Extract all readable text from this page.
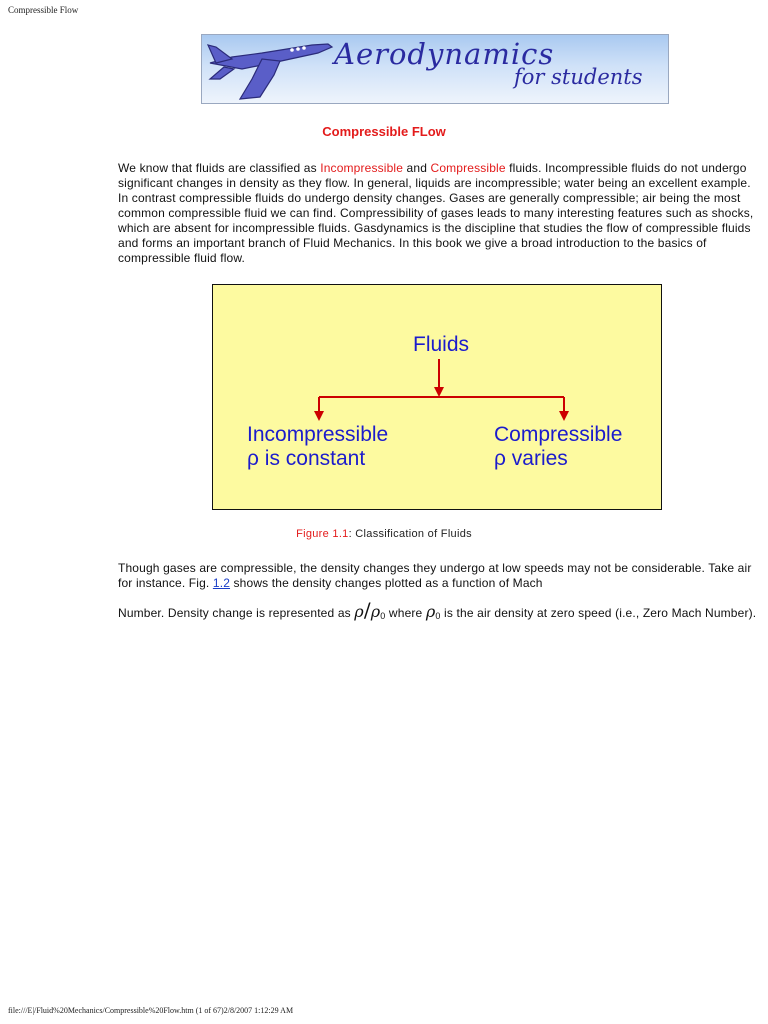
Compressible Flow
Aerodynamics
for students
Compressible FLow
We know that fluids are classified as Incompressible and Compressible fluids. Incompressible fluids do not undergo significant changes in density as they flow. In general, liquids are incompressible; water being an excellent example. In contrast compressible fluids do undergo density changes. Gases are generally compressible; air being the most common compressible fluid we can find. Compressibility of gases leads to many interesting features such as shocks, which are absent for incompressible fluids. Gasdynamics is the discipline that studies the flow of compressible fluids and forms an important branch of Fluid Mechanics. In this book we give a broad introduction to the basics of compressible fluid flow.
Fluids
Incompressible
ρ is constant
Compressible
ρ varies
Figure 1.1: Classification of Fluids
Though gases are compressible, the density changes they undergo at low speeds may not be considerable. Take air for instance. Fig. 1.2 shows the density changes plotted as a function of Mach
Number. Density change is represented as $\rho/\rho_0$ where $\rho_0$ is the air density at zero speed (i.e., Zero Mach Number).
file:///E|/Fluid%20Mechanics/Compressible%20Flow.htm (1 of 67)2/8/2007 1:12:29 AM
